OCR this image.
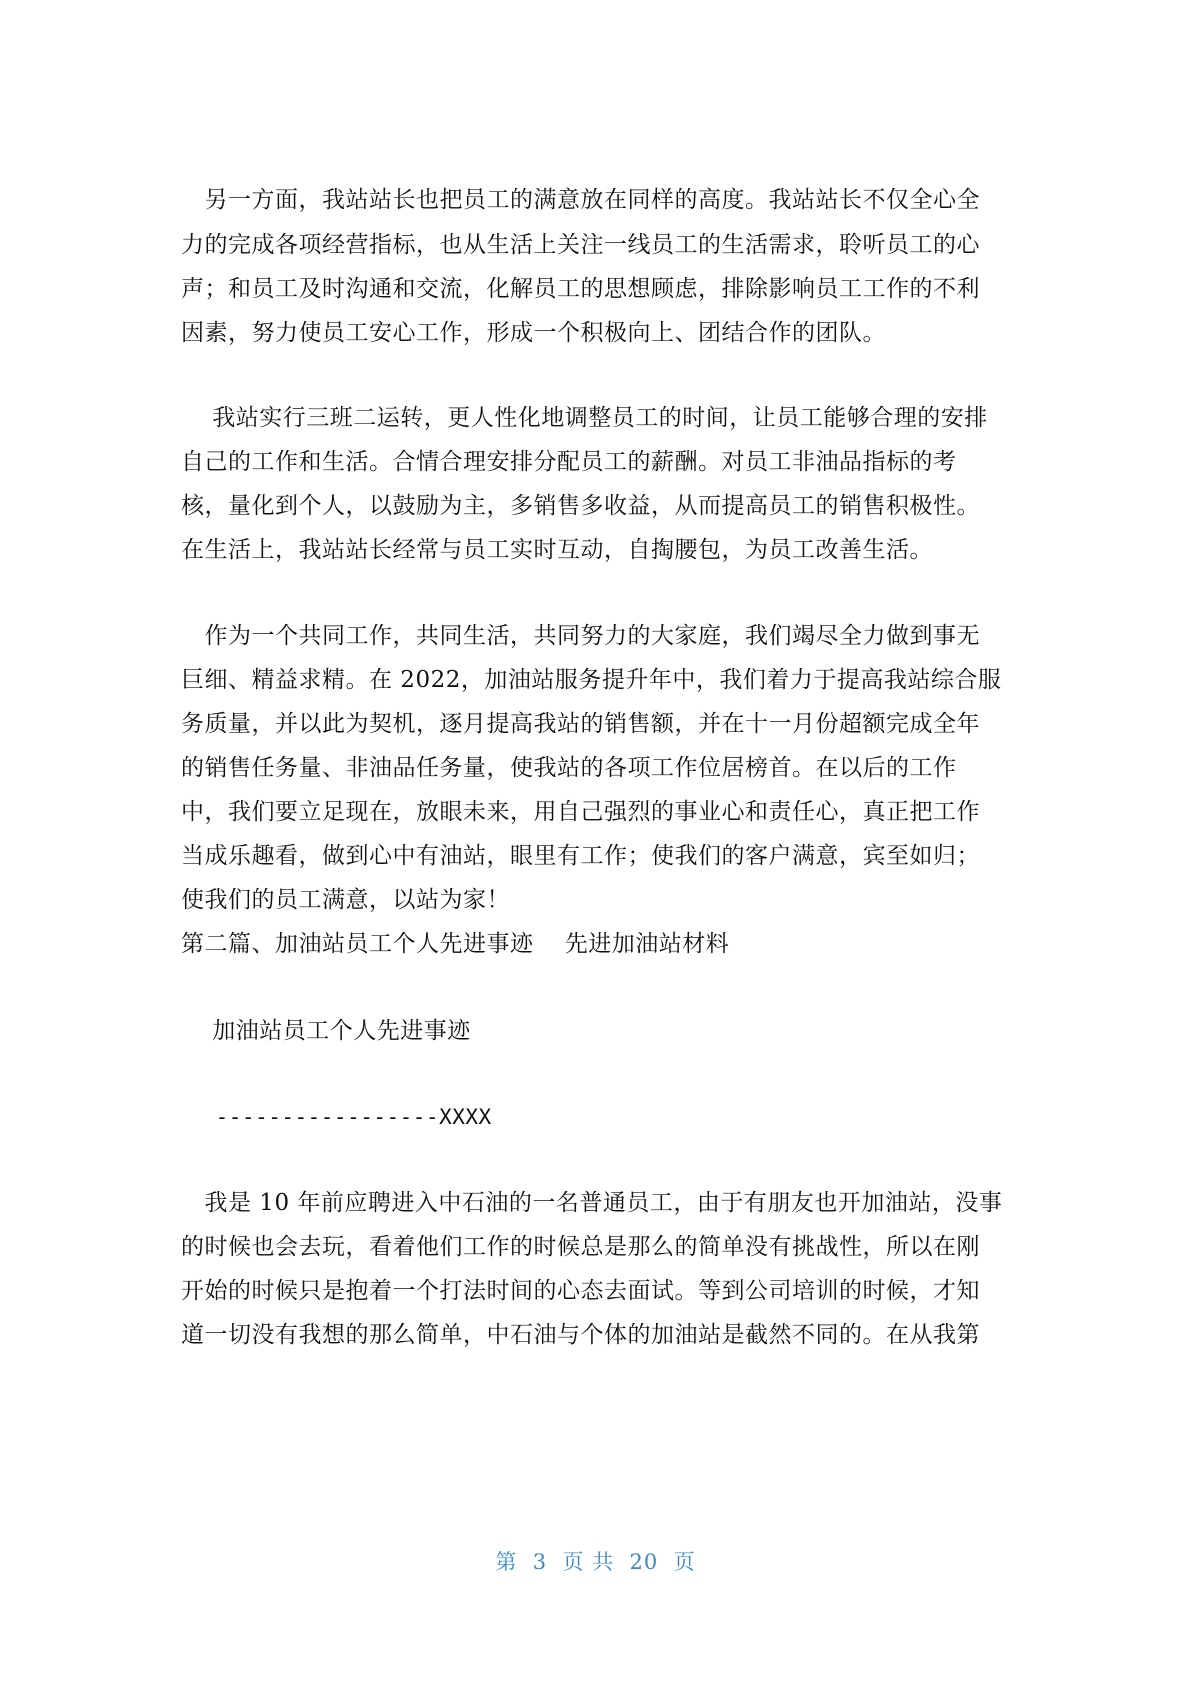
　另一方面，我站站长也把员工的满意放在同样的高度。我站站长不仅全心全
力的完成各项经营指标，也从生活上关注一线员工的生活需求，聆听员工的心
声；和员工及时沟通和交流，化解员工的思想顾虑，排除影响员工工作的不利
因素，努力使员工安心工作，形成一个积极向上、团结合作的团队。
　 我站实行三班二运转，更人性化地调整员工的时间，让员工能够合理的安排
自己的工作和生活。合情合理安排分配员工的薪酬。对员工非油品指标的考
核，量化到个人，以鼓励为主，多销售多收益，从而提高员工的销售积极性。
在生活上，我站站长经常与员工实时互动，自掏腰包，为员工改善生活。
　作为一个共同工作，共同生活，共同努力的大家庭，我们竭尽全力做到事无
巨细、精益求精。在 2022，加油站服务提升年中，我们着力于提高我站综合服
务质量，并以此为契机，逐月提高我站的销售额，并在十一月份超额完成全年
的销售任务量、非油品任务量，使我站的各项工作位居榜首。在以后的工作
中，我们要立足现在，放眼未来，用自己强烈的事业心和责任心，真正把工作
当成乐趣看，做到心中有油站，眼里有工作；使我们的客户满意，宾至如归；
使我们的员工满意，以站为家！
第二篇、加油站员工个人先进事迹　 先进加油站材料
　 加油站员工个人先进事迹
　 -----------------XXXX
　我是 10 年前应聘进入中石油的一名普通员工，由于有朋友也开加油站，没事
的时候也会去玩，看着他们工作的时候总是那么的简单没有挑战性，所以在刚
开始的时候只是抱着一个打法时间的心态去面试。等到公司培训的时候，才知
道一切没有我想的那么简单，中石油与个体的加油站是截然不同的。在从我第
第  3  页 共  20  页
